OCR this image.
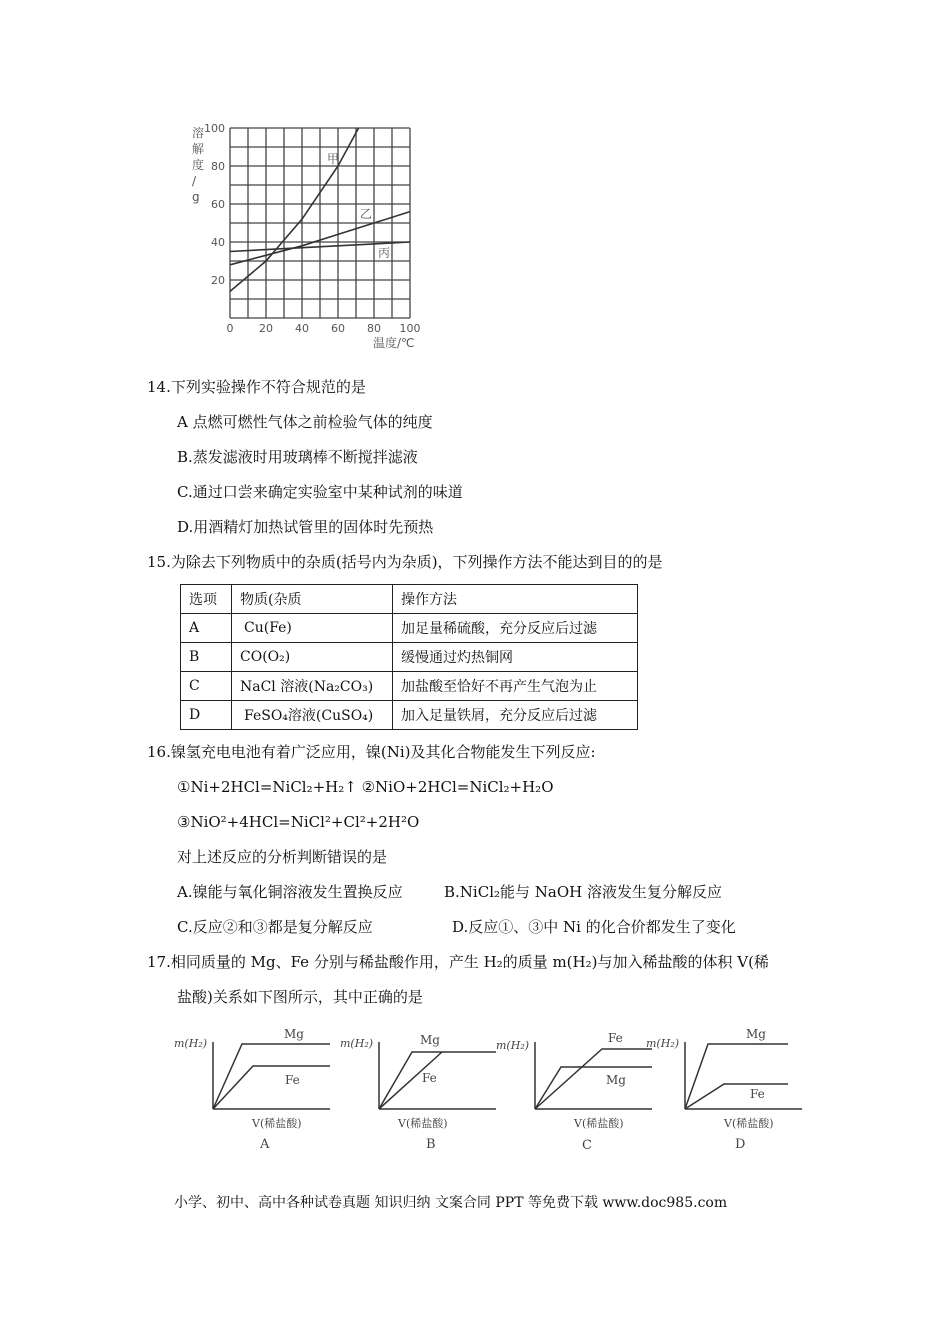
0 20 40 60 80 100
20
40
60
80
100
溶
解
度
/
g
温度/℃
甲
乙
丙
14.下列实验操作不符合规范的是
A 点燃可燃性气体之前检验气体的纯度
B.蒸发滤液时用玻璃棒不断搅拌滤液
C.通过口尝来确定实验室中某种试剂的味道
D.用酒精灯加热试管里的固体时先预热
15.为除去下列物质中的杂质(括号内为杂质)，下列操作方法不能达到目的的是
选项	物质(杂质	操作方法
A	Cu(Fe)	加足量稀硫酸，充分反应后过滤
B	CO(O₂)	缓慢通过灼热铜网
C	NaCl 溶液(Na₂CO₃)	加盐酸至恰好不再产生气泡为止
D	FeSO₄溶液(CuSO₄)	加入足量铁屑，充分反应后过滤
16.镍氢充电电池有着广泛应用，镍(Ni)及其化合物能发生下列反应:
①Ni+2HCl=NiCl₂+H₂↑ ②NiO+2HCl=NiCl₂+H₂O
③NiO²+4HCl=NiCl²+Cl²+2H²O
对上述反应的分析判断错误的是
A.镍能与氧化铜溶液发生置换反应	B.NiCl₂能与 NaOH 溶液发生复分解反应
C.反应②和③都是复分解反应	D.反应①、③中 Ni 的化合价都发生了变化
17.相同质量的 Mg、Fe 分别与稀盐酸作用，产生 H₂的质量 m(H₂)与加入稀盐酸的体积 V(稀
盐酸)关系如下图所示，其中正确的是
m(H₂)
Mg
Fe
V(稀盐酸)
A
m(H₂)	Mg
Fe
V(稀盐酸)
B
m(H₂)
Fe
Mg
V(稀盐酸)
C
m(H₂)
Mg
Fe
V(稀盐酸)
D
小学、初中、高中各种试卷真题 知识归纳 文案合同 PPT 等免费下载 www.doc985.com
